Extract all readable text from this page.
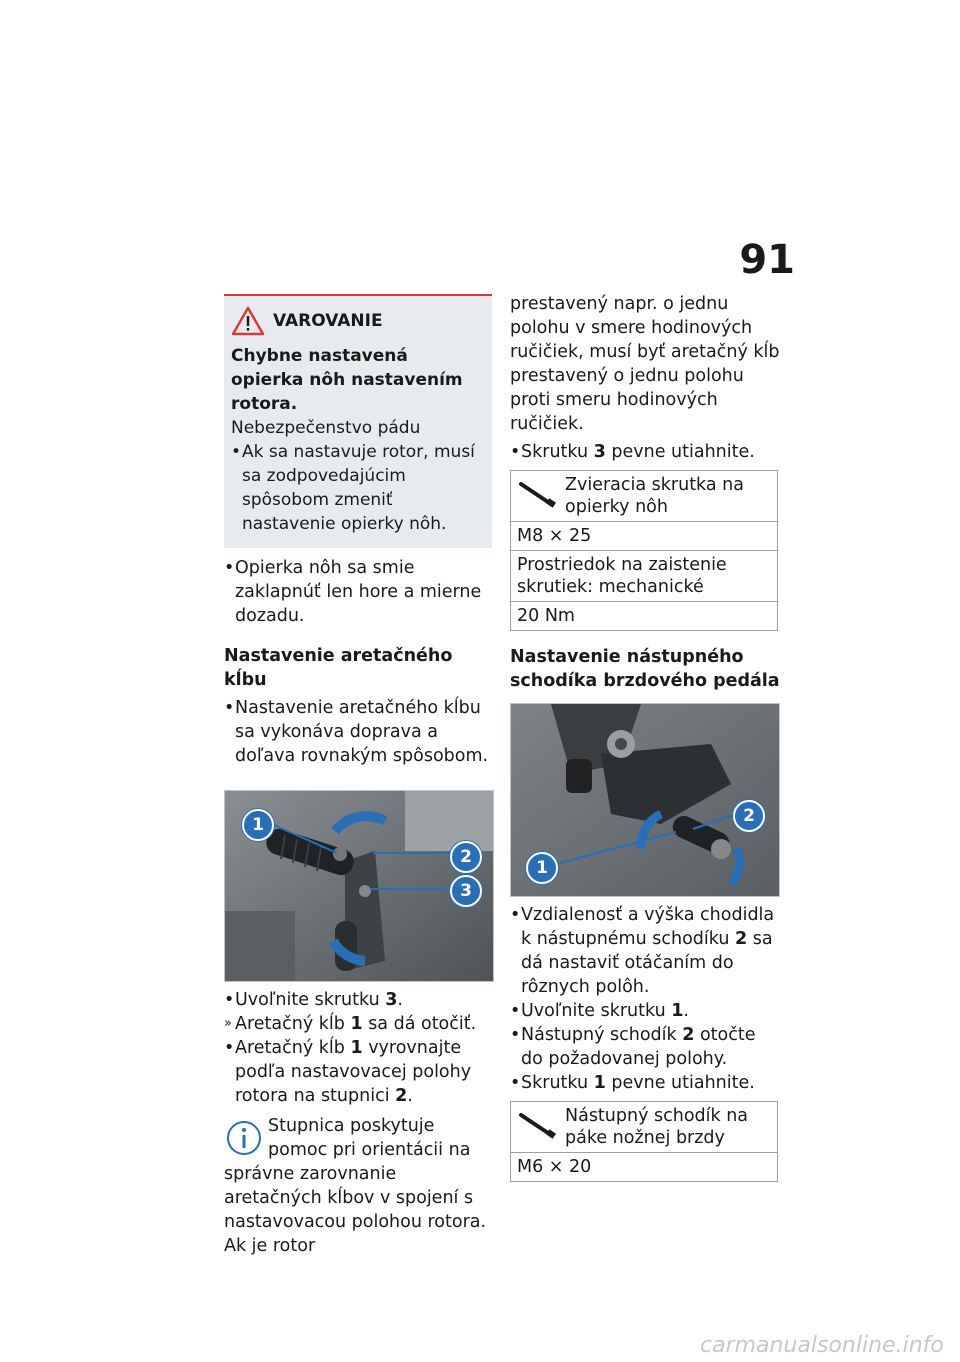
91
VAROVANIE
Chybne nastavená opierka nôh nastavením rotora.
Nebezpečenstvo pádu
• Ak sa nastavuje rotor, musí sa zodpovedajúcim spôsobom zmeniť nastavenie opierky nôh.
• Opierka nôh sa smie zaklapnúť len hore a mierne dozadu.
Nastavenie aretačného kĺbu
• Nastavenie aretačného kĺbu sa vykonáva doprava a doľava rovnakým spôsobom.
1
2
3
• Uvoľnite skrutku 3.
» Aretačný kĺb 1 sa dá otočiť.
• Aretačný kĺb 1 vyrovnajte podľa nastavovacej polohy rotora na stupnici 2.
Stupnica poskytuje pomoc pri orientácii na správne zarovnanie aretačných kĺbov v spojení s nastavovacou polohou rotora. Ak je rotor
prestavený napr. o jednu polohu v smere hodinových ručičiek, musí byť aretačný kĺb prestavený o jednu polohu proti smeru hodinových ručičiek.
• Skrutku 3 pevne utiahnite.
Zvieracia skrutka na opierky nôh

M8 × 25
Prostriedok na zaistenie skrutiek: mechanické
20 Nm
Nastavenie nástupného schodíka brzdového pedála
1
2
• Vzdialenosť a výška chodidla k nástupnému schodíku 2 sa dá nastaviť otáčaním do rôznych polôh.
• Uvoľnite skrutku 1.
• Nástupný schodík 2 otočte do požadovanej polohy.
• Skrutku 1 pevne utiahnite.
Nástupný schodík na páke nožnej brzdy

M6 × 20
carmanualsonline.info
